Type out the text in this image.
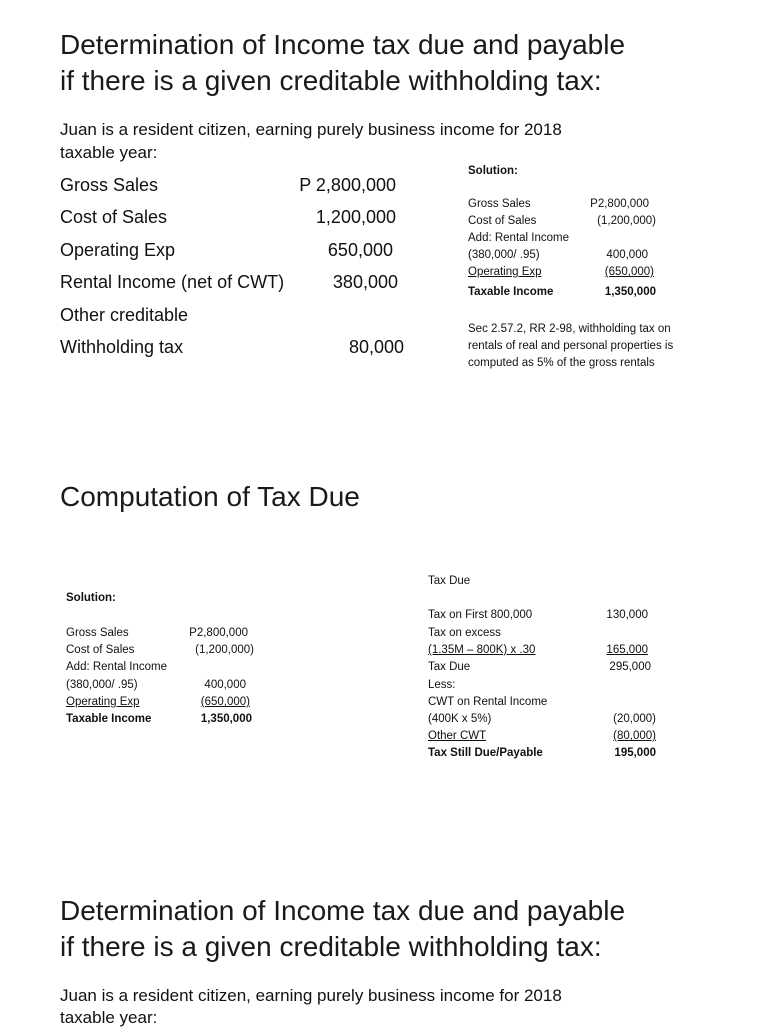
Determination of Income tax due and payable
if there is a given creditable withholding tax:
Juan is a resident citizen, earning purely business income for 2018
taxable year:
Gross Sales	P 2,800,000
Cost of Sales	1,200,000
Operating Exp	650,000
Rental Income (net of CWT)	380,000
Other creditable
Withholding tax	80,000
Solution:
Gross Sales	P2,800,000
Cost of Sales	(1,200,000)
Add: Rental Income
(380,000/ .95)	400,000
Operating Exp	(650,000)
Taxable Income	1,350,000
Sec 2.57.2, RR 2-98, withholding tax on rentals of real and personal properties is computed as 5% of the gross rentals
Computation of Tax Due
Solution:
Gross Sales	P2,800,000
Cost of Sales	(1,200,000)
Add: Rental Income
(380,000/ .95)	400,000
Operating Exp	(650,000)
Taxable Income	1,350,000
Tax Due
Tax on First 800,000	130,000
Tax on excess
(1.35M – 800K) x .30	165,000
Tax Due	295,000
Less:
CWT on Rental Income
(400K x 5%)	(20,000)
Other CWT	(80,000)
Tax Still Due/Payable	195,000
Determination of Income tax due and payable
if there is a given creditable withholding tax:
Juan is a resident citizen, earning purely business income for 2018
taxable year:
